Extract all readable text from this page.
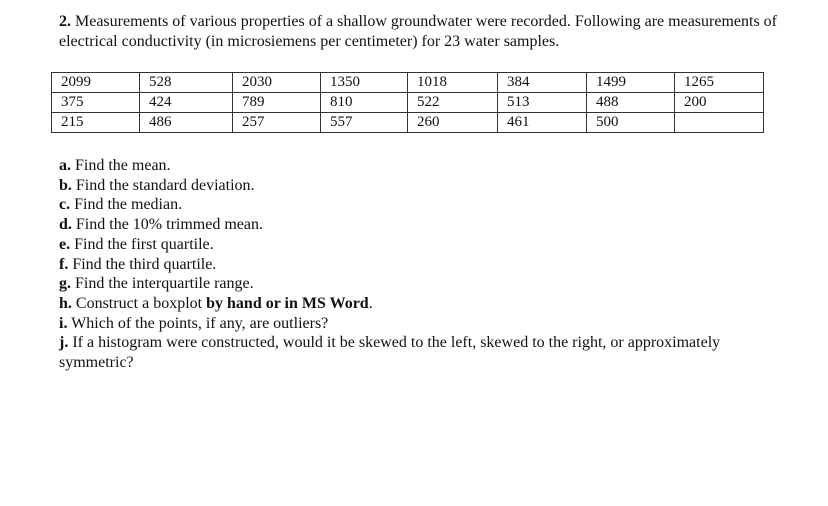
2. Measurements of various properties of a shallow groundwater were recorded. Following are measurements of electrical conductivity (in microsiemens per centimeter) for 23 water samples.
2099	528	2030	1350	1018	384	1499	1265
375	424	789	810	522	513	488	200
215	486	257	557	260	461	500	

a. Find the mean.

b. Find the standard deviation.

c. Find the median.

d. Find the 10% trimmed mean.

e. Find the first quartile.

f. Find the third quartile.

g. Find the interquartile range.

h. Construct a boxplot by hand or in MS Word.

i. Which of the points, if any, are outliers?

j. If a histogram were constructed, would it be skewed to the left, skewed to the right, or approximately symmetric?
